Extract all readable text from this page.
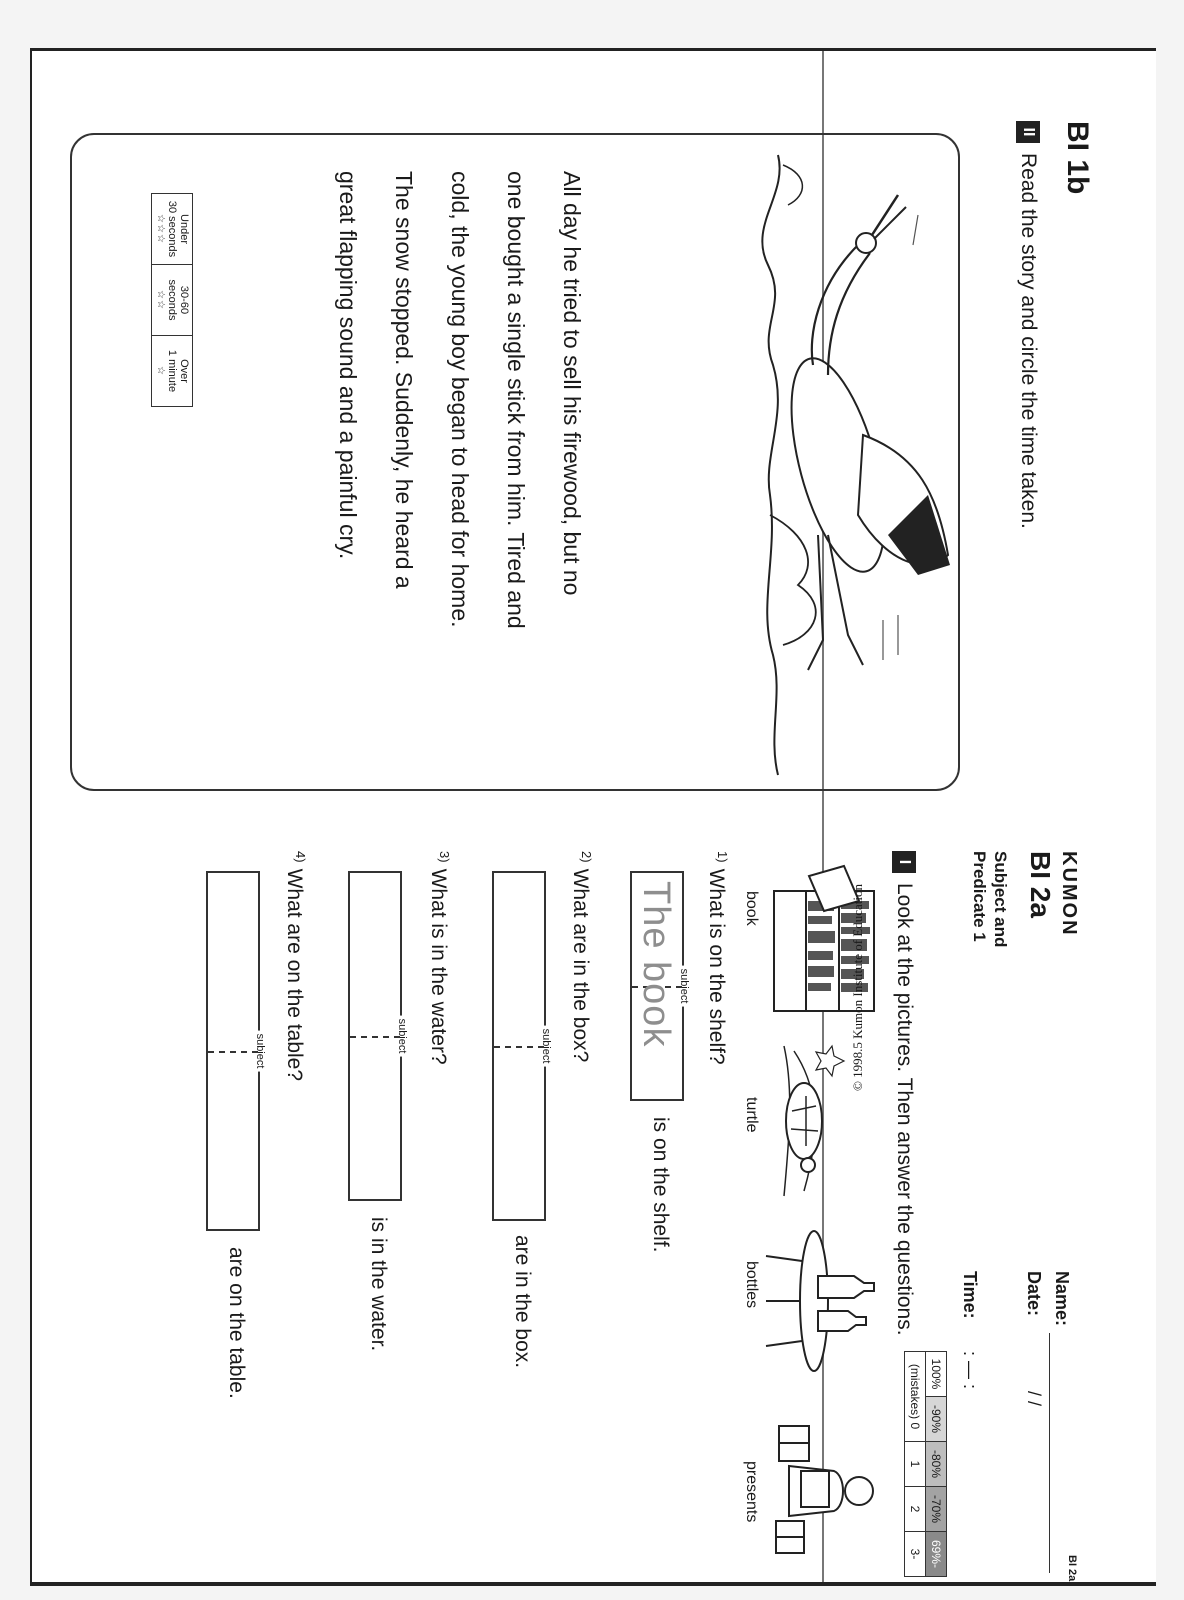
BI 1b
II
Read the story and circle the time taken.
All day he tried to sell his firewood, but no
one bought a single stick from him. Tired and
cold, the young boy began to head for home.
The snow stopped. Suddenly, he heard a
great flapping sound and a painful cry.
Under
30 seconds
☆☆☆
	30-60
seconds
☆☆
	Over
1 minute
☆
BI 2a
KUMON
BI 2a
Subject and
Predicate 1
Name:
Date:
/ /
Time:
: — :
100%	-90%	-80%	-70%	69%-
(mistakes) 0		1	2	3-
I
Look at the pictures. Then answer the questions.
book
turtle
bottles
presents
$^{1)}$What is on the shelf?
subject
The book
is on the shelf.
$^{2)}$What are in the box?
subject
are in the box.
$^{3)}$What is in the water?
subject
is in the water.
$^{4)}$What are on the table?
subject
are on the table.
© 1998.5 Kumon Institute of Education
